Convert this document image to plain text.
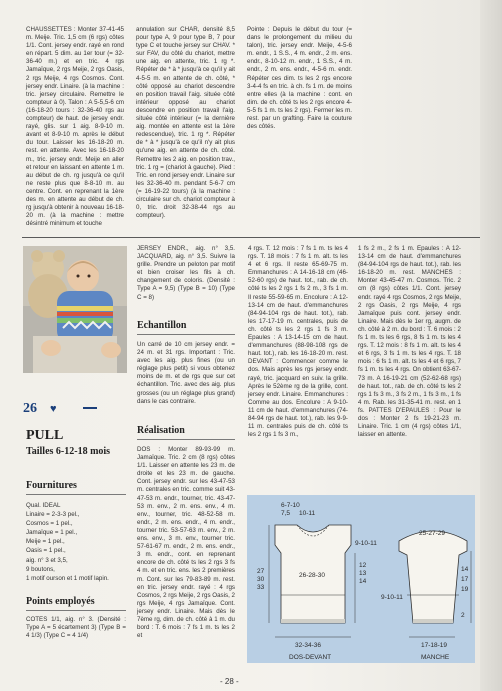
CHAUSSETTES : Monter 37-41-45 m. Meije. Tric. 1,5 cm (6 rgs) côtes 1/1. Cont. jersey endr. rayé en rond en répart. 5 dim. au 1er tour (= 32-36-40 m.) et en tric. 4 rgs Jamaïque, 2 rgs Meije, 2 rgs Oasis, 2 rgs Meije, 4 rgs Cosmos. Cont. jersey endr. Linaire. (à la machine : tric. jersey circulaire. Remettre le compteur à 0). Talon : A 5-5,5-6 cm (16-18-20 tours : 32-36-40 rgs au compteur) de haut. de jersey endr. rayé, glis. sur 1 aig. 8-9-10 m. avant et 8-9-10 m. après le début du tour. Laisser les 16-18-20 m. rest. en attente. Avec les 16-18-20 m., tric. jersey endr. Meije en aller et retour en laissant en attente 1 m. au début de ch. rg jusqu'à ce qu'il ne reste plus que 8-8-10 m. au centre. Cont. en reprenant la 1ère des m. en attente au début de ch. rg jusqu'à obtenir à nouveau 16-18-20 m. (à la machine : mettre désintré minimum et touche
annulation sur CHAR, densité 8,5 pour type A, 9 pour type B, 7 pour type C et touche jersey sur CHAV. * sur FAV, du côté du chariot, mettre une aig. en attente, tric. 1 rg *. Répéter de * à * jusqu'à ce qu'il y ait 4-5-5 m. en attente de ch. côté, * côté opposé au chariot descendre en position travail l'aig. située côté intérieur opposé au chariot descendre en position travail l'aig. située côté intérieur (= la dernière aig. montée en attente est la 1ère redescendue), tric. 1 rg *. Répéter de * à * jusqu'à ce qu'il n'y ait plus qu'une aig. en attente de ch. côté. Remettre les 2 aig. en position trav., tric. 1 rg = (chariot à gauche). Pied : Tric. en rond jersey endr. Linaire sur les 32-36-40 m. pendant 5-6-7 cm (= 16-19-22 tours) (à la machine : circulaire sur ch. chariot compteur à 0, tric. droit 32-38-44 rgs au compteur).
Pointe : Depuis le début du tour (= dans le prolongement du milieu du talon), tric. jersey endr. Meije, 4-5-6 m. endr., 1 S.S., 4 m. endr., 2 m. ens. endr., 8-10-12 m. endr., 1 S.S., 4 m. endr., 2 m. ens. endr., 4-5-6 m. endr. Répéter ces dim. ts les 2 rgs encore 3-4-4 fs en tric. à ch. fs 1 m. de moins entre elles (à la machine : cont. en dim. de ch. côté ts les 2 rgs encore 4-5-5 fs 1 m. ts les 2 rgs). Fermer les m. rest. par un grafting. Faire la couture des côtés.
26 ♥
PULL
Tailles 6-12-18 mois
Fournitures

Qual. IDEAL

Linaire = 2-3-3 pel.,

Cosmos = 1 pel.,

Jamaïque = 1 pel.,

Meije = 1 pel.,

Oasis = 1 pel.,

aig. n° 3 et 3,5,

9 boutons,

1 motif ourson et 1 motif lapin.

Points employés
COTES 1/1, aig. n° 3. (Densité : Type A = 5 écartement 3) (Type B = 4 1/3) (Type C = 4 1/4)
JERSEY ENDR., aig. n° 3,5. JACQUARD, aig. n° 3,5. Suivre la grille. Prendre un peloton par motif et bien croiser les fils à ch. changement de coloris. (Densité : Type A = 9,5) (Type B = 10) (Type C = 8)
Echantillon
Un carré de 10 cm jersey endr. = 24 m. et 31 rgs. Important : Tric. avec les aig. plus fines (ou un réglage plus petit) si vous obtenez moins de m. et de rgs que sur cet échantillon. Tric. avec des aig. plus grosses (ou un réglage plus grand) dans le cas contraire.
Réalisation
DOS : Monter 89-93-99 m. Jamaïque. Tric. 2 cm (8 rgs) côtes 1/1. Laisser en attente les 23 m. de droite et les 23 m. de gauche. Cont. jersey endr. sur les 43-47-53 m. centrales en tric. comme suit 43-47-53 m. endr., tourner, tric. 43-47-53 m. env., 2 m. ens. env., 4 m. env., tourner, tric. 48-52-58 m. endr., 2 m. ens. endr., 4 m. endr., tourner tric. 53-57-63 m. env., 2 m. ens. env., 3 m. env., tourner tric. 57-61-67 m. endr., 2 m. ens. endr., 3 m. endr., cont. en reprenant encore de ch. côté ts les 2 rgs 3 fs 4 m. et en tric. ens. les 2 premières m. Cont. sur les 79-83-89 m. rest. en tric. jersey endr. rayé : 4 rgs Cosmos, 2 rgs Meije, 2 rgs Oasis, 2 rgs Meije, 4 rgs Jamaïque. Cont. jersey endr. Linaire. Mais dès le 7ème rg, dim. de ch. côté à 1 m. du bord : T. 6 mois : 7 fs 1 m. ts les 2 et
4 rgs. T. 12 mois : 7 fs 1 m. ts les 4 rgs. T. 18 mois : 7 fs 1 m. alt. ts les 4 et 6 rgs. Il reste 65-69-75 m. Emmanchures : A 14-16-18 cm (46-52-60 rgs) de haut. tot., rab. de ch. côté ts les 2 rgs 1 fs 2 m., 3 fs 1 m. Il reste 55-59-65 m. Encolure : A 12-13-14 cm de haut. d'emmanchures (84-94-104 rgs de haut. tot.), rab. les 17-17-19 m. centrales, puis de ch. côté ts les 2 rgs 1 fs 3 m. Epaules : A 13-14-15 cm de haut. d'emmanchures (88-98-108 rgs de haut. tot.), rab. les 16-18-20 m. rest. DEVANT : Commencer comme le dos. Mais après les rgs jersey endr. rayé, tric. jacquard en suiv. la grille. Après le 52ème rg de la grille, cont. jersey endr. Linaire. Emmanchures : Comme au dos. Encolure : A 9-10-11 cm de haut. d'emmanchures (74-84-94 rgs de haut. tot.), rab. les 9-9-11 m. centrales puis de ch. côté ts les 2 rgs 1 fs 3 m.,
1 fs 2 m., 2 fs 1 m. Epaules : A 12-13-14 cm de haut. d'emmanchures (84-94-104 rgs de haut. tot.), rab. les 16-18-20 m. rest. MANCHES : Monter 43-45-47 m. Cosmos. Tric. 2 cm (8 rgs) côtes 1/1. Cont. jersey endr. rayé 4 rgs Cosmos, 2 rgs Meije, 2 rgs Oasis, 2 rgs Meije, 4 rgs Jamaïque puis cont. jersey endr. Linaire. Mais dès le 1er rg, augm. de ch. côté à 2 m. du bord : T. 6 mois : 2 fs 1 m. ts les 6 rgs, 8 fs 1 m. ts les 4 rgs. T. 12 mois : 8 fs 1 m. alt. ts les 4 et 6 rgs, 3 fs 1 m. ts les 4 rgs. T. 18 mois : 6 fs 1 m. alt. ts les 4 et 6 rgs, 7 fs 1 m. ts les 4 rgs. On obtient 63-67-73 m. A 16-19-21 cm (52-62-68 rgs) de haut. tot., rab. de ch. côté ts les 2 rgs 1 fs 3 m., 3 fs 2 m., 1 fs 3 m., 1 fs 4 m. Rab. les 31-35-41 m. rest. en 1 fs. PATTES D'EPAULES : Pour le dos : Monter 2 fs 19-21-23 m. Linaire. Tric. 1 cm (4 rgs) côtes 1/1, laisser en attente.
27
30
33
6-7-10
7,5 10-11
9-10-11
12
13
14
26-28-30
32-34-36
DOS-DEVANT
25-27-29
9-10-11
14
17
19
17-18-19
MANCHE
2
- 28 -
